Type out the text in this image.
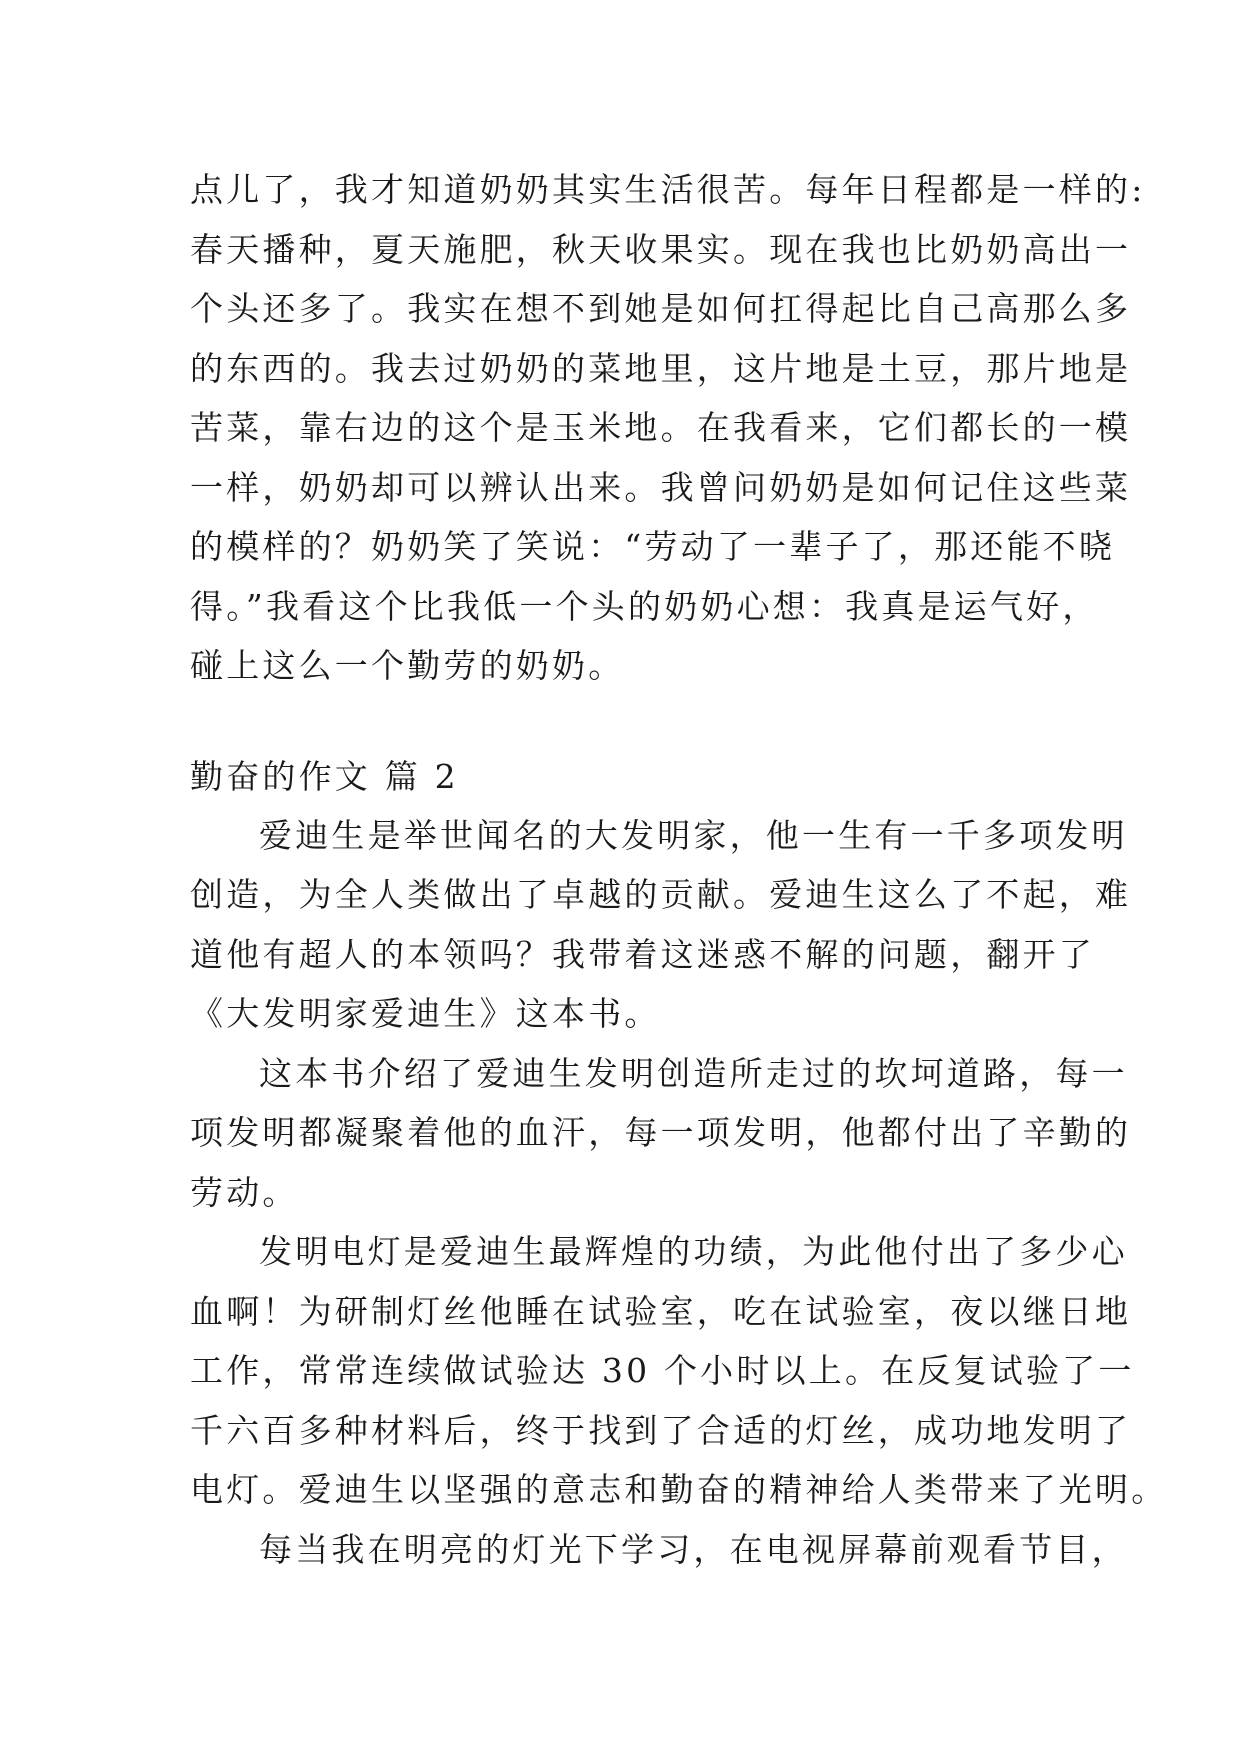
点儿了，我才知道奶奶其实生活很苦。每年日程都是一样的:
春天播种，夏天施肥，秋天收果实。现在我也比奶奶高出一
个头还多了。我实在想不到她是如何扛得起比自己高那么多
的东西的。我去过奶奶的菜地里，这片地是土豆，那片地是
苦菜，靠右边的这个是玉米地。在我看来，它们都长的一模
一样，奶奶却可以辨认出来。我曾问奶奶是如何记住这些菜
的模样的？奶奶笑了笑说：“劳动了一辈子了，那还能不晓
得。”我看这个比我低一个头的奶奶心想：我真是运气好，
碰上这么一个勤劳的奶奶。
勤奋的作文 篇 2
爱迪生是举世闻名的大发明家，他一生有一千多项发明
创造，为全人类做出了卓越的贡献。爱迪生这么了不起，难
道他有超人的本领吗？我带着这迷惑不解的问题，翻开了
《大发明家爱迪生》这本书。
这本书介绍了爱迪生发明创造所走过的坎坷道路，每一
项发明都凝聚着他的血汗，每一项发明，他都付出了辛勤的
劳动。
发明电灯是爱迪生最辉煌的功绩，为此他付出了多少心
血啊！为研制灯丝他睡在试验室，吃在试验室，夜以继日地
工作，常常连续做试验达 30 个小时以上。在反复试验了一
千六百多种材料后，终于找到了合适的灯丝，成功地发明了
电灯。爱迪生以坚强的意志和勤奋的精神给人类带来了光明。
每当我在明亮的灯光下学习，在电视屏幕前观看节目，
